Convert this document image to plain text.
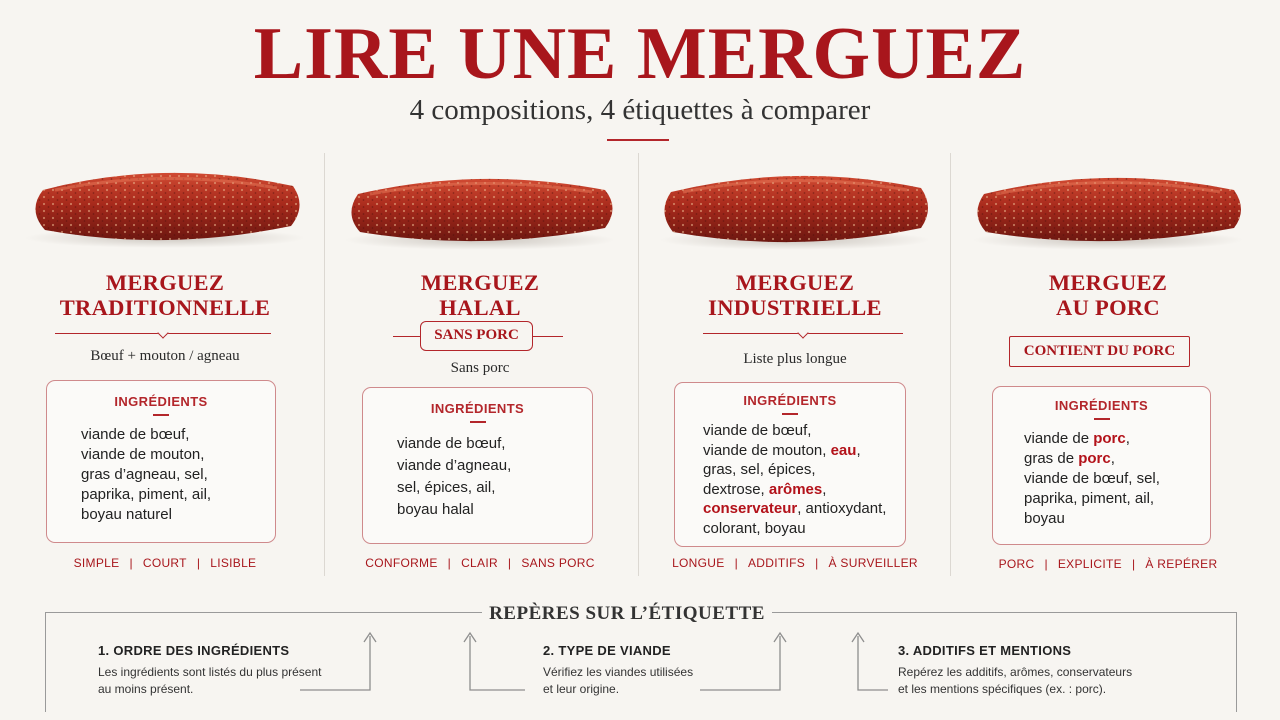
LIRE UNE MERGUEZ
4 compositions, 4 étiquettes à comparer
MERGUEZ
TRADITIONNELLE
Bœuf + mouton / agneau
INGRÉDIENTS
viande de bœuf,
viande de mouton,
gras d’agneau, sel,
paprika, piment, ail,
boyau naturel
SIMPLE | COURT | LISIBLE
MERGUEZ
HALAL
SANS PORC
Sans porc
INGRÉDIENTS
viande de bœuf,
viande d’agneau,
sel, épices, ail,
boyau halal
CONFORME | CLAIR | SANS PORC
MERGUEZ
INDUSTRIELLE
Liste plus longue
INGRÉDIENTS
viande de bœuf,
viande de mouton, eau,
gras, sel, épices,
dextrose, arômes,
conservateur, antioxydant,
colorant, boyau
LONGUE | ADDITIFS | À SURVEILLER
MERGUEZ
AU PORC
CONTIENT DU PORC
INGRÉDIENTS
viande de porc,
gras de porc,
viande de bœuf, sel,
paprika, piment, ail,
boyau
PORC | EXPLICITE | À REPÉRER
REPÈRES SUR L’ÉTIQUETTE
1. ORDRE DES INGRÉDIENTS
Les ingrédients sont listés du plus présent
au moins présent.
2. TYPE DE VIANDE
Vérifiez les viandes utilisées
et leur origine.
3. ADDITIFS ET MENTIONS
Repérez les additifs, arômes, conservateurs
et les mentions spécifiques (ex. : porc).
